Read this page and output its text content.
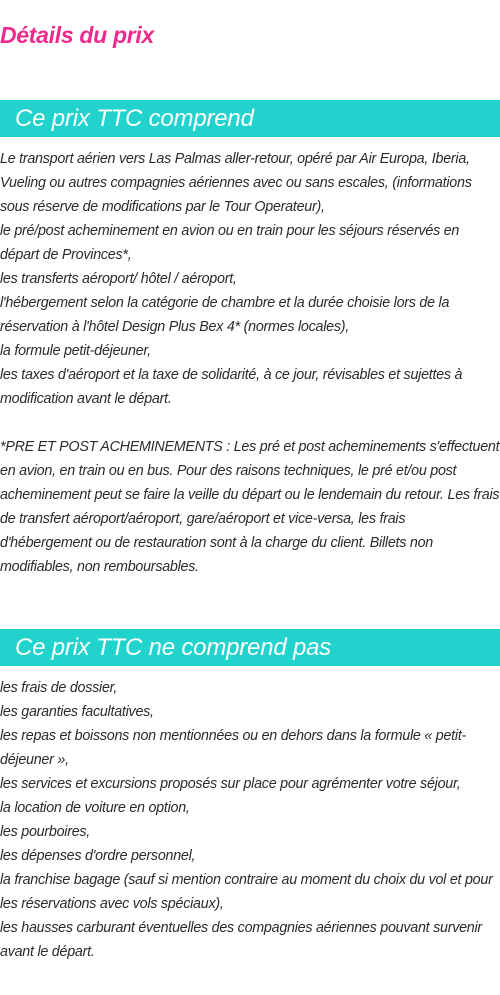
Détails du prix
Ce prix TTC comprend

Le transport aérien vers Las Palmas aller-retour, opéré par Air Europa, Iberia, Vueling ou autres compagnies aériennes avec ou sans escales, (informations sous réserve de modifications par le Tour Operateur),

le pré/post acheminement en avion ou en train pour les séjours réservés en départ de Provinces*,

les transferts aéroport/ hôtel / aéroport,

l'hébergement selon la catégorie de chambre et la durée choisie lors de la réservation à l'hôtel Design Plus Bex 4* (normes locales),

la formule petit-déjeuner,

les taxes d'aéroport et la taxe de solidarité, à ce jour, révisables et sujettes à modification avant le départ.

*PRE ET POST ACHEMINEMENTS : Les pré et post acheminements s'effectuent en avion, en train ou en bus. Pour des raisons techniques, le pré et/ou post acheminement peut se faire la veille du départ ou le lendemain du retour. Les frais de transfert aéroport/aéroport, gare/aéroport et vice-versa, les frais d'hébergement ou de restauration sont à la charge du client. Billets non modifiables, non remboursables.

Ce prix TTC ne comprend pas

les frais de dossier,

les garanties facultatives,

les repas et boissons non mentionnées ou en dehors dans la formule « petit-déjeuner »,

les services et excursions proposés sur place pour agrémenter votre séjour,

la location de voiture en option,

les pourboires,

les dépenses d'ordre personnel,

la franchise bagage (sauf si mention contraire au moment du choix du vol et pour les réservations avec vols spéciaux),

les hausses carburant éventuelles des compagnies aériennes pouvant survenir avant le départ.
